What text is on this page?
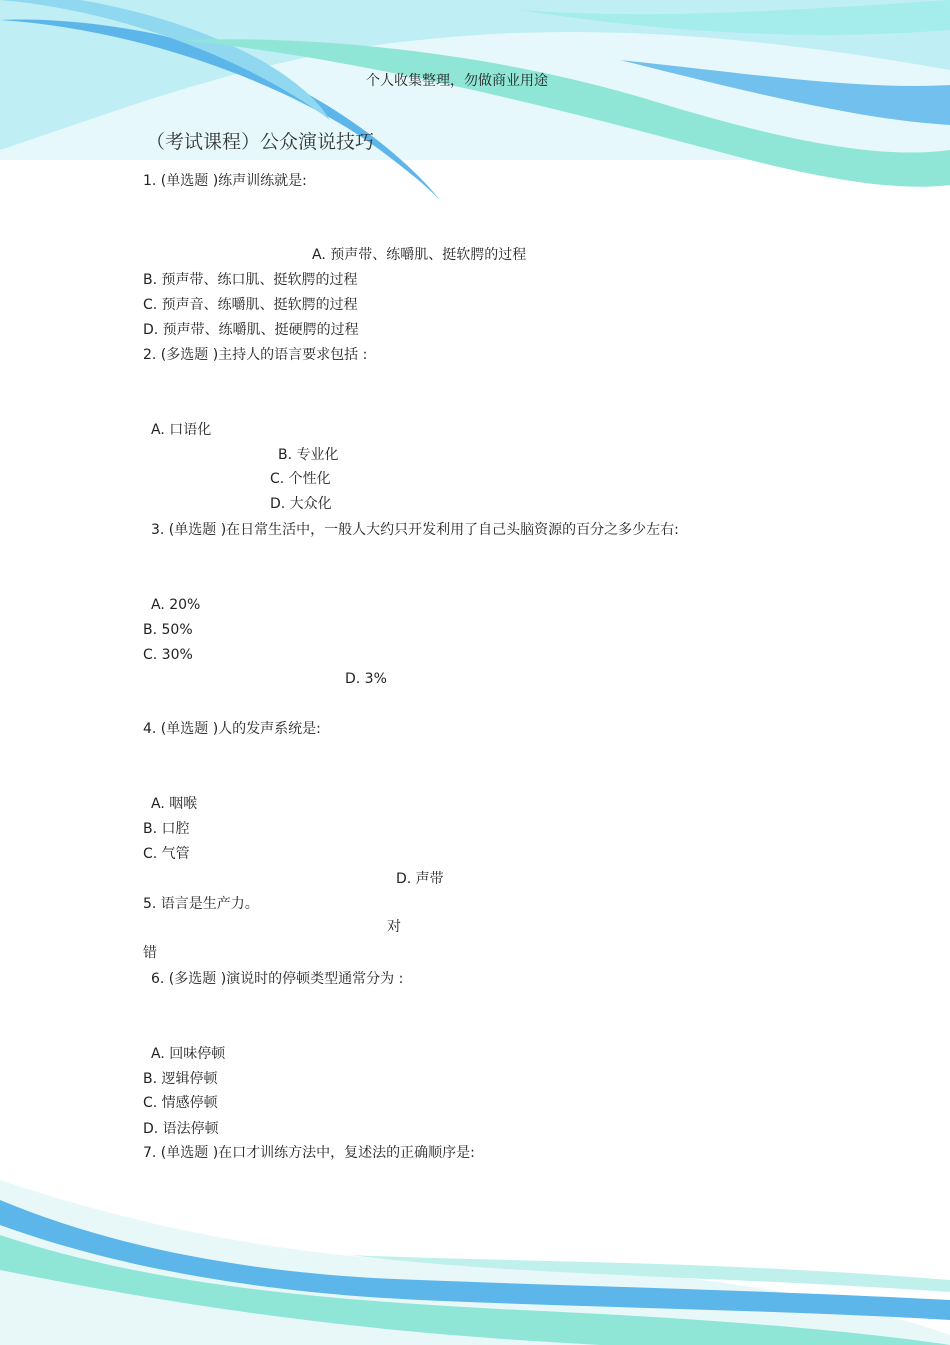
个人收集整理，勿做商业用途
（考试课程）公众演说技巧
1. (单选题 )练声训练就是:
A. 预声带、练嚼肌、挺软腭的过程
B. 预声带、练口肌、挺软腭的过程
C. 预声音、练嚼肌、挺软腭的过程
D. 预声带、练嚼肌、挺硬腭的过程
2. (多选题 )主持人的语言要求包括 :
A. 口语化
B. 专业化
C. 个性化
D. 大众化
3. (单选题 )在日常生活中，一般人大约只开发利用了自己头脑资源的百分之多少左右:
A. 20%
B. 50%
C. 30%
D. 3%
4. (单选题 )人的发声系统是:
A. 咽喉
B. 口腔
C. 气管
D. 声带
5. 语言是生产力。
对
错
6. (多选题 )演说时的停顿类型通常分为 :
A. 回味停顿
B. 逻辑停顿
C. 情感停顿
D. 语法停顿
7. (单选题 )在口才训练方法中，复述法的正确顺序是:
